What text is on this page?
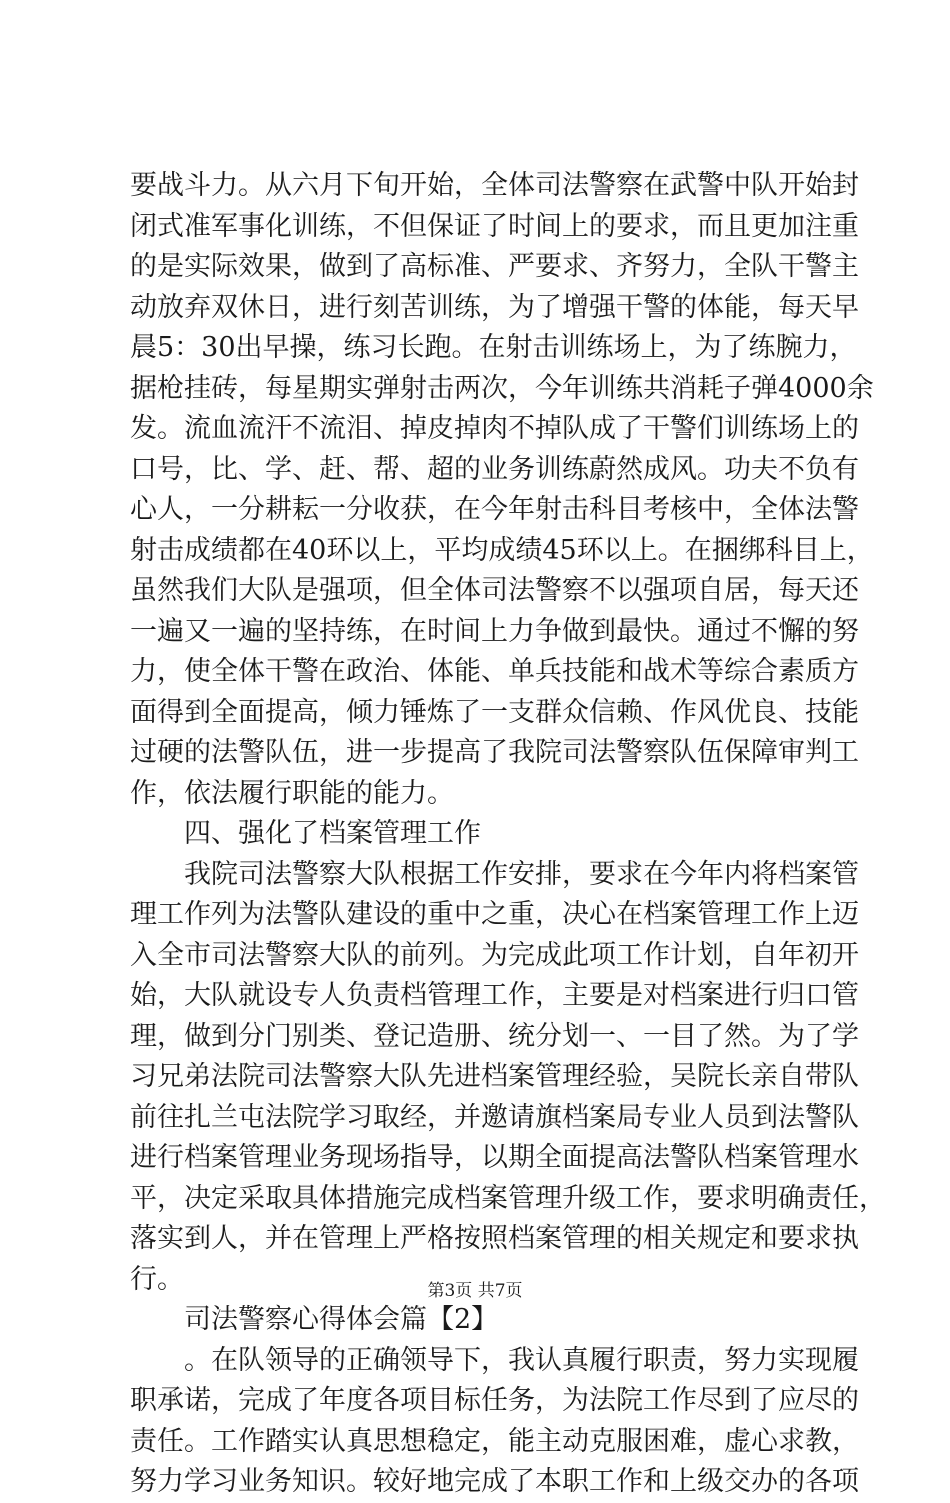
要战斗力。从六月下旬开始，全体司法警察在武警中队开始封
闭式准军事化训练，不但保证了时间上的要求，而且更加注重
的是实际效果，做到了高标准、严要求、齐努力，全队干警主
动放弃双休日，进行刻苦训练，为了增强干警的体能，每天早
晨5：30出早操，练习长跑。在射击训练场上，为了练腕力，
据枪挂砖，每星期实弹射击两次，今年训练共消耗子弹4000余
发。流血流汗不流泪、掉皮掉肉不掉队成了干警们训练场上的
口号，比、学、赶、帮、超的业务训练蔚然成风。功夫不负有
心人，一分耕耘一分收获，在今年射击科目考核中，全体法警
射击成绩都在40环以上，平均成绩45环以上。在捆绑科目上，
虽然我们大队是强项，但全体司法警察不以强项自居，每天还
一遍又一遍的坚持练，在时间上力争做到最快。通过不懈的努
力，使全体干警在政治、体能、单兵技能和战术等综合素质方
面得到全面提高，倾力锤炼了一支群众信赖、作风优良、技能
过硬的法警队伍，进一步提高了我院司法警察队伍保障审判工
作，依法履行职能的能力。
四、强化了档案管理工作
我院司法警察大队根据工作安排，要求在今年内将档案管
理工作列为法警队建设的重中之重，决心在档案管理工作上迈
入全市司法警察大队的前列。为完成此项工作计划，自年初开
始，大队就设专人负责档管理工作，主要是对档案进行归口管
理，做到分门别类、登记造册、统分划一、一目了然。为了学
习兄弟法院司法警察大队先进档案管理经验，吴院长亲自带队
前往扎兰屯法院学习取经，并邀请旗档案局专业人员到法警队
进行档案管理业务现场指导，以期全面提高法警队档案管理水
平，决定采取具体措施完成档案管理升级工作，要求明确责任，
落实到人，并在管理上严格按照档案管理的相关规定和要求执
行。
司法警察心得体会篇【2】
。在队领导的正确领导下，我认真履行职责，努力实现履
职承诺，完成了年度各项目标任务，为法院工作尽到了应尽的
责任。工作踏实认真思想稳定，能主动克服困难，虚心求教，
努力学习业务知识。较好地完成了本职工作和上级交办的各项
第3页 共7页
